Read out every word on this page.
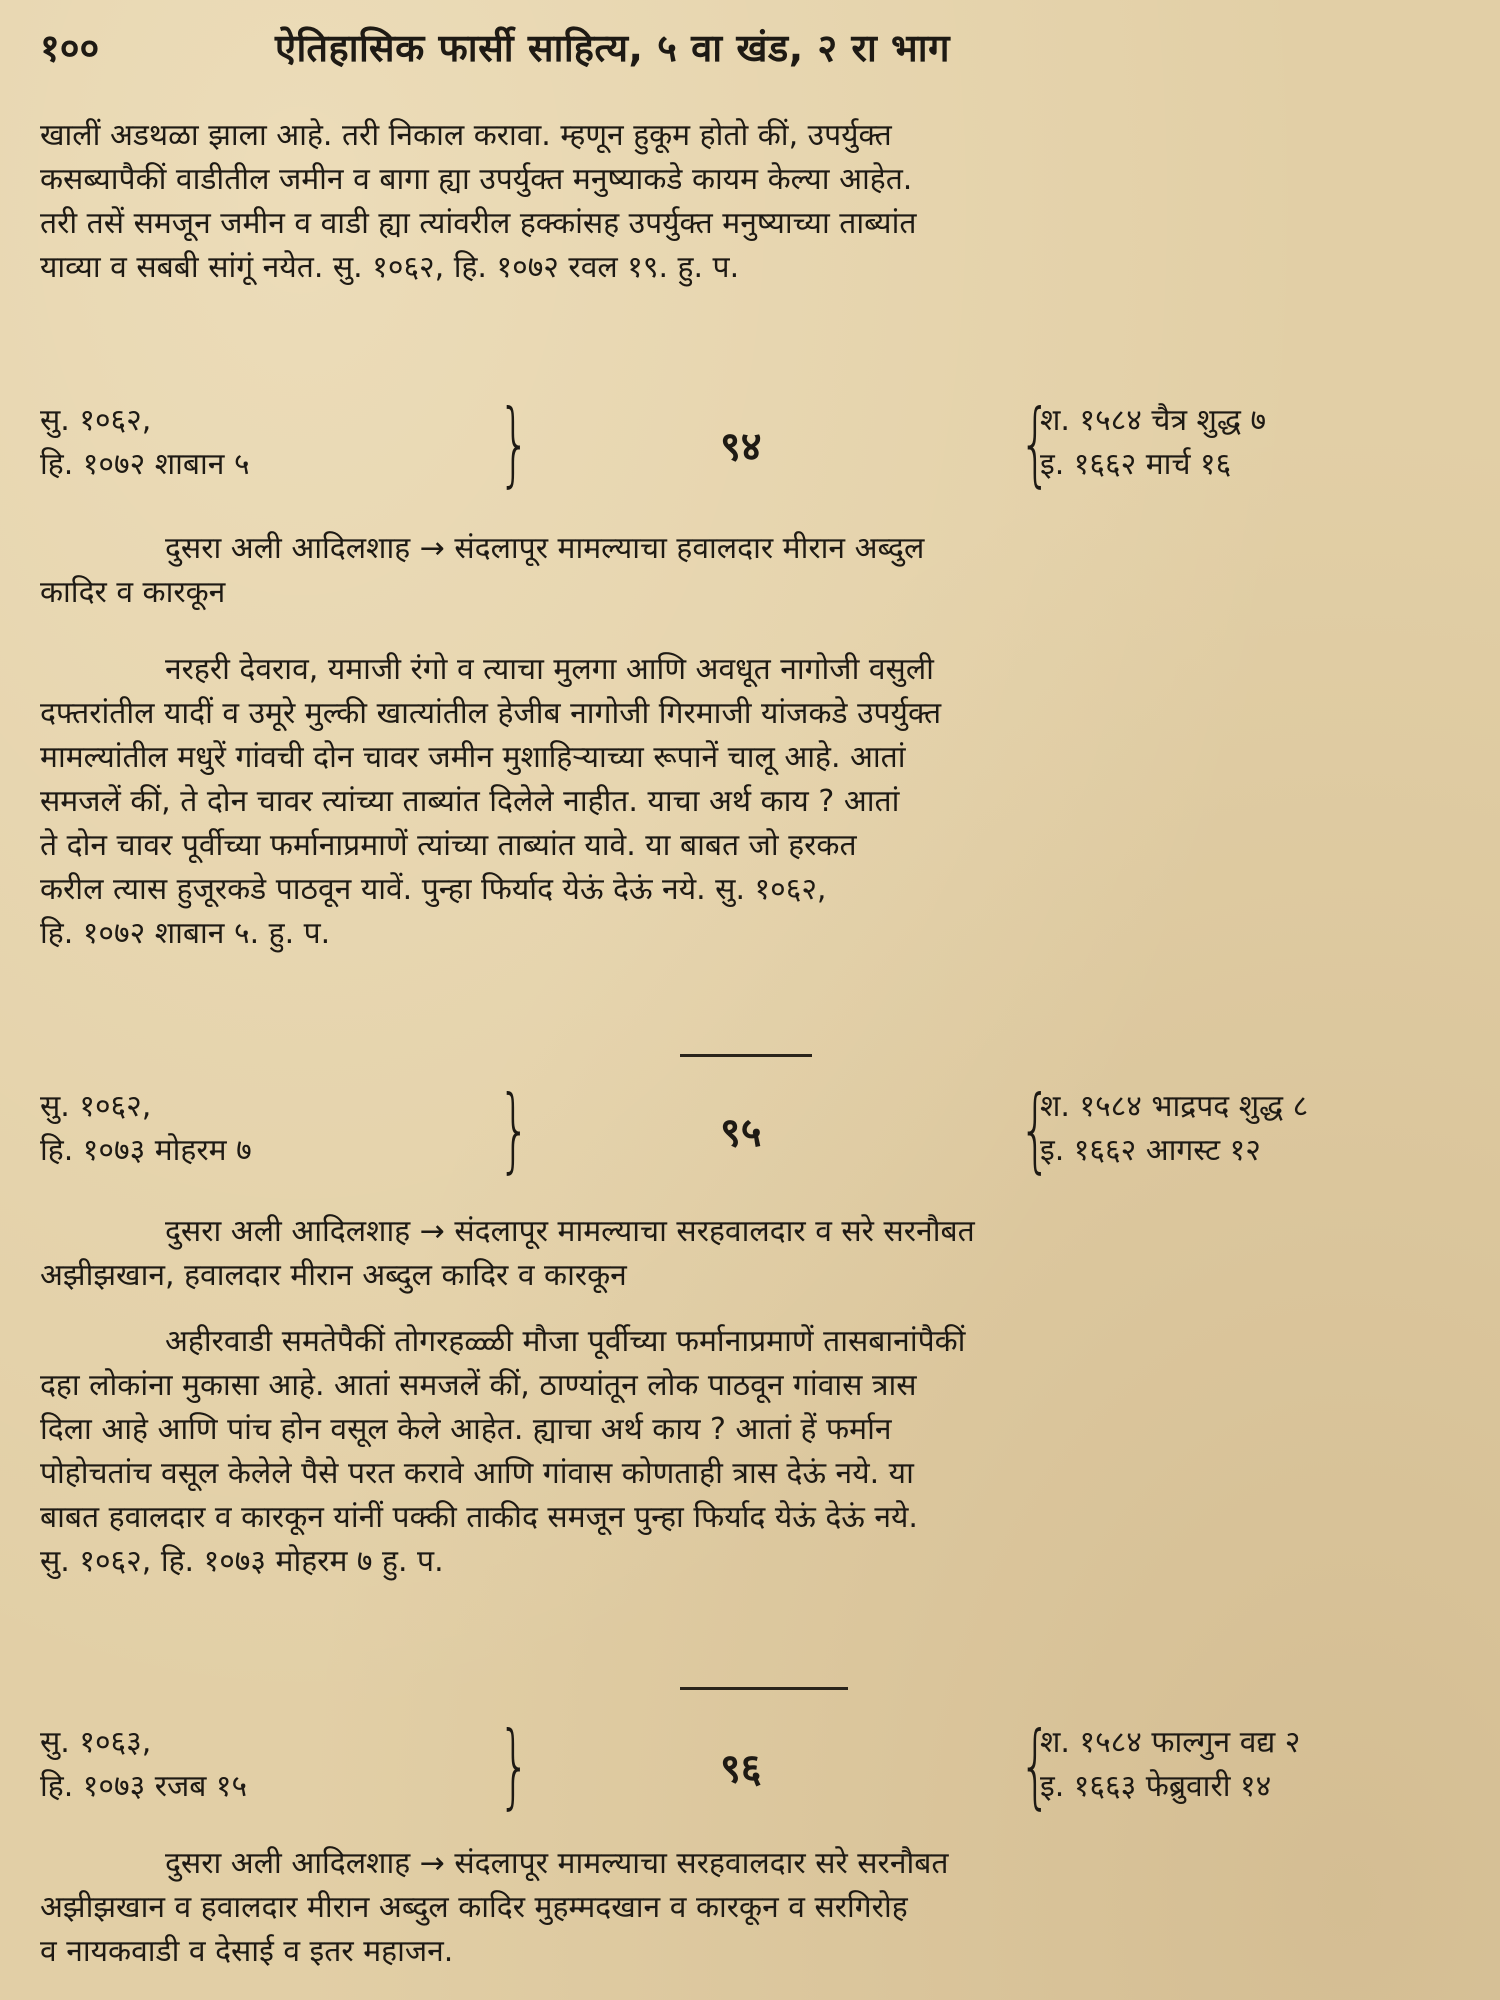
१००	ऐतिहासिक फार्सी साहित्य, ५ वा खंड, २ रा भाग
खालीं अडथळा झाला आहे. तरी निकाल करावा. म्हणून हुकूम होतो कीं, उपर्युक्त
कसब्यापैकीं वाडीतील जमीन व बागा ह्या उपर्युक्त मनुष्याकडे कायम केल्या आहेत.
तरी तसें समजून जमीन व वाडी ह्या त्यांवरील हक्कांसह उपर्युक्त मनुष्याच्या ताब्यांत
याव्या व सबबी सांगूं नयेत. सु. १०६२, हि. १०७२ रवल १९. हु. प.
सु. १०६२,
हि. १०७२ शाबान ५	}	९४	{
श. १५८४ चैत्र शुद्ध ७
इ. १६६२ मार्च १६
दुसरा अली आदिलशाह → संदलापूर मामल्याचा हवालदार मीरान अब्दुल
कादिर व कारकून
नरहरी देवराव, यमाजी रंगो व त्याचा मुलगा आणि अवधूत नागोजी वसुली
दफ्तरांतील यादीं व उमूरे मुल्की खात्यांतील हेजीब नागोजी गिरमाजी यांजकडे उपर्युक्त
मामल्यांतील मधुरें गांवची दोन चावर जमीन मुशाहिऱ्याच्या रूपानें चालू आहे. आतां
समजलें कीं, ते दोन चावर त्यांच्या ताब्यांत दिलेले नाहीत. याचा अर्थ काय ? आतां
ते दोन चावर पूर्वीच्या फर्मानाप्रमाणें त्यांच्या ताब्यांत यावे. या बाबत जो हरकत
करील त्यास हुजूरकडे पाठवून यावें. पुन्हा फिर्याद येऊं देऊं नये. सु. १०६२,
हि. १०७२ शाबान ५. हु. प.
सु. १०६२,
हि. १०७३ मोहरम ७	}	९५	{
श. १५८४ भाद्रपद शुद्ध ८
इ. १६६२ आगस्ट १२
दुसरा अली आदिलशाह → संदलापूर मामल्याचा सरहवालदार व सरे सरनौबत
अझीझखान, हवालदार मीरान अब्दुल कादिर व कारकून
अहीरवाडी समतेपैकीं तोगरहळ्ळी मौजा पूर्वीच्या फर्मानाप्रमाणें तासबानांपैकीं
दहा लोकांना मुकासा आहे. आतां समजलें कीं, ठाण्यांतून लोक पाठवून गांवास त्रास
दिला आहे आणि पांच होन वसूल केले आहेत. ह्याचा अर्थ काय ? आतां हें फर्मान
पोहोचतांच वसूल केलेले पैसे परत करावे आणि गांवास कोणताही त्रास देऊं नये. या
बाबत हवालदार व कारकून यांनीं पक्की ताकीद समजून पुन्हा फिर्याद येऊं देऊं नये.
सु. १०६२, हि. १०७३ मोहरम ७ हु. प.
सु. १०६३,
हि. १०७३ रजब १५	}	९६	{
श. १५८४ फाल्गुन वद्य २
इ. १६६३ फेब्रुवारी १४
दुसरा अली आदिलशाह → संदलापूर मामल्याचा सरहवालदार सरे सरनौबत
अझीझखान व हवालदार मीरान अब्दुल कादिर मुहम्मदखान व कारकून व सरगिरोह
व नायकवाडी व देसाई व इतर महाजन.
